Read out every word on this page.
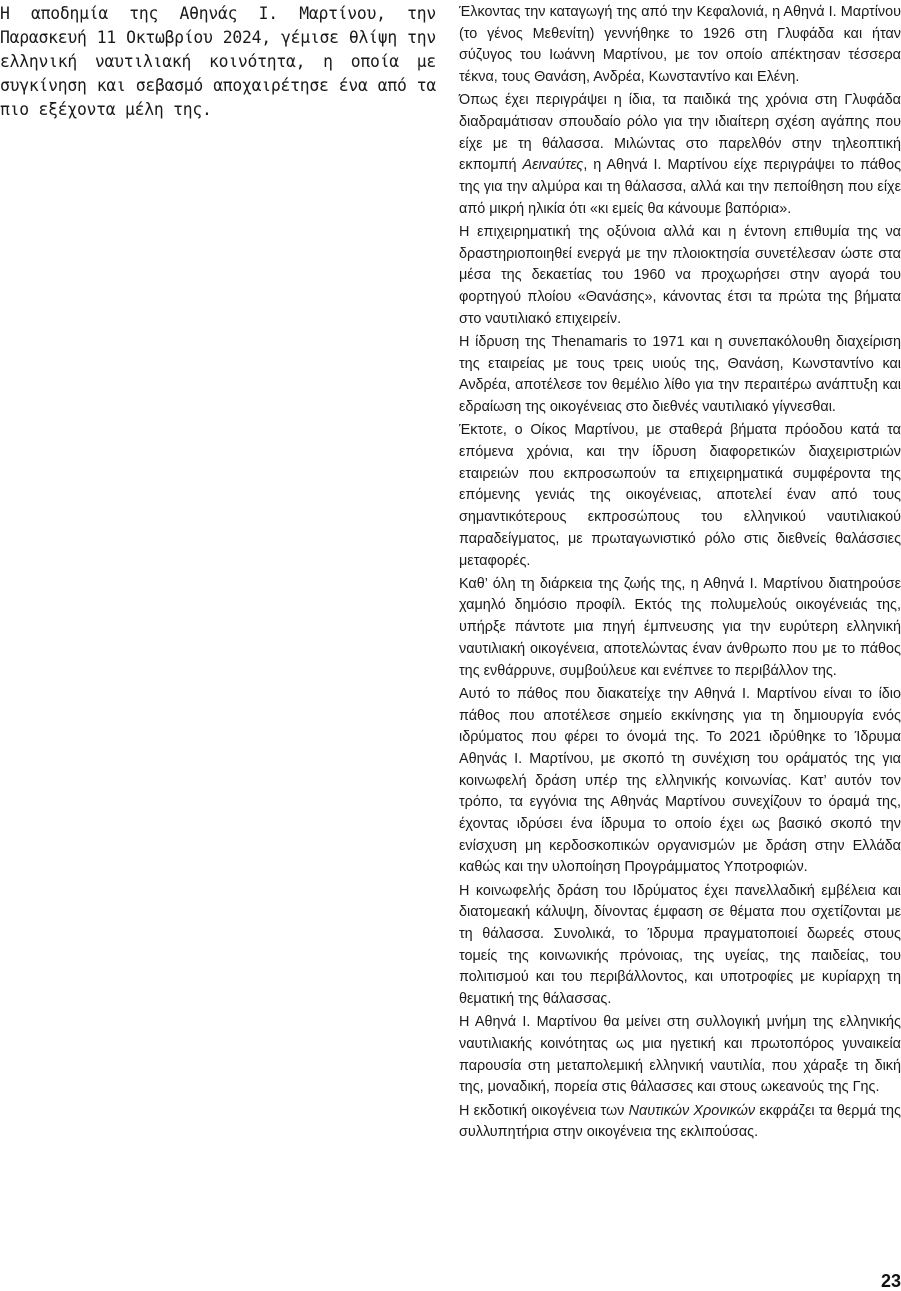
Η αποδημία της Αθηνάς Ι. Μαρτίνου, την Παρασκευή 11 Οκτωβρίου 2024, γέμισε θλίψη την ελληνική ναυτιλιακή κοινότητα, η οποία με συγκίνηση και σεβασμό αποχαιρέτησε ένα από τα πιο εξέχοντα μέλη της.

Έλκοντας την καταγωγή της από την Κεφαλονιά, η Αθηνά Ι. Μαρτίνου (το γένος Μεθενίτη) γεννήθηκε το 1926 στη Γλυφάδα και ήταν σύζυγος του Ιωάννη Μαρτίνου, με τον οποίο απέκτησαν τέσσερα τέκνα, τους Θανάση, Ανδρέα, Κωνσταντίνο και Ελένη.

Όπως έχει περιγράψει η ίδια, τα παιδικά της χρόνια στη Γλυφάδα διαδραμάτισαν σπουδαίο ρόλο για την ιδιαίτερη σχέση αγάπης που είχε με τη θάλασσα. Μιλώντας στο παρελθόν στην τηλεοπτική εκπομπή Αειναύτες, η Αθηνά Ι. Μαρτίνου είχε περιγράψει το πάθος της για την αλμύρα και τη θάλασσα, αλλά και την πεποίθηση που είχε από μικρή ηλικία ότι «κι εμείς θα κάνουμε βαπόρια».

Η επιχειρηματική της οξύνοια αλλά και η έντονη επιθυμία της να δραστηριοποιηθεί ενεργά με την πλοιοκτησία συνετέλεσαν ώστε στα μέσα της δεκαετίας του 1960 να προχωρήσει στην αγορά του φορτηγού πλοίου «Θανάσης», κάνοντας έτσι τα πρώτα της βήματα στο ναυτιλιακό επιχειρείν.

Η ίδρυση της Thenamaris το 1971 και η συνεπακόλουθη διαχείριση της εταιρείας με τους τρεις υιούς της, Θανάση, Κωνσταντίνο και Ανδρέα, αποτέλεσε τον θεμέλιο λίθο για την περαιτέρω ανάπτυξη και εδραίωση της οικογένειας στο διεθνές ναυτιλιακό γίγνεσθαι.

Έκτοτε, ο Οίκος Μαρτίνου, με σταθερά βήματα πρόοδου κατά τα επόμενα χρόνια, και την ίδρυση διαφορετικών διαχειριστριών εταιρειών που εκπροσωπούν τα επιχειρηματικά συμφέροντα της επόμενης γενιάς της οικογένειας, αποτελεί έναν από τους σημαντικότερους εκπροσώπους του ελληνικού ναυτιλιακού παραδείγματος, με πρωταγωνιστικό ρόλο στις διεθνείς θαλάσσιες μεταφορές.

Καθ’ όλη τη διάρκεια της ζωής της, η Αθηνά Ι. Μαρτίνου διατηρούσε χαμηλό δημόσιο προφίλ. Εκτός της πολυμελούς οικογένειάς της, υπήρξε πάντοτε μια πηγή έμπνευσης για την ευρύτερη ελληνική ναυτιλιακή οικογένεια, αποτελώντας έναν άνθρωπο που με το πάθος της ενθάρρυνε, συμβούλευε και ενέπνεε το περιβάλλον της.

Αυτό το πάθος που διακατείχε την Αθηνά Ι. Μαρτίνου είναι το ίδιο πάθος που αποτέλεσε σημείο εκκίνησης για τη δημιουργία ενός ιδρύματος που φέρει το όνομά της. Το 2021 ιδρύθηκε το Ίδρυμα Αθηνάς Ι. Μαρτίνου, με σκοπό τη συνέχιση του οράματός της για κοινωφελή δράση υπέρ της ελληνικής κοινωνίας. Κατ’ αυτόν τον τρόπο, τα εγγόνια της Αθηνάς Μαρτίνου συνεχίζουν το όραμά της, έχοντας ιδρύσει ένα ίδρυμα το οποίο έχει ως βασικό σκοπό την ενίσχυση μη κερδοσκοπικών οργανισμών με δράση στην Ελλάδα καθώς και την υλοποίηση Προγράμματος Υποτροφιών.

Η κοινωφελής δράση του Ιδρύματος έχει πανελλαδική εμβέλεια και διατομεακή κάλυψη, δίνοντας έμφαση σε θέματα που σχετίζονται με τη θάλασσα. Συνολικά, το Ίδρυμα πραγματοποιεί δωρεές στους τομείς της κοινωνικής πρόνοιας, της υγείας, της παιδείας, του πολιτισμού και του περιβάλλοντος, και υποτροφίες με κυρίαρχη τη θεματική της θάλασσας.

Η Αθηνά Ι. Μαρτίνου θα μείνει στη συλλογική μνήμη της ελληνικής ναυτιλιακής κοινότητας ως μια ηγετική και πρωτοπόρος γυναικεία παρουσία στη μεταπολεμική ελληνική ναυτιλία, που χάραξε τη δική της, μοναδική, πορεία στις θάλασσες και στους ωκεανούς της Γης.

Η εκδοτική οικογένεια των Ναυτικών Χρονικών εκφράζει τα θερμά της συλλυπητήρια στην οικογένεια της εκλιπούσας.

23
